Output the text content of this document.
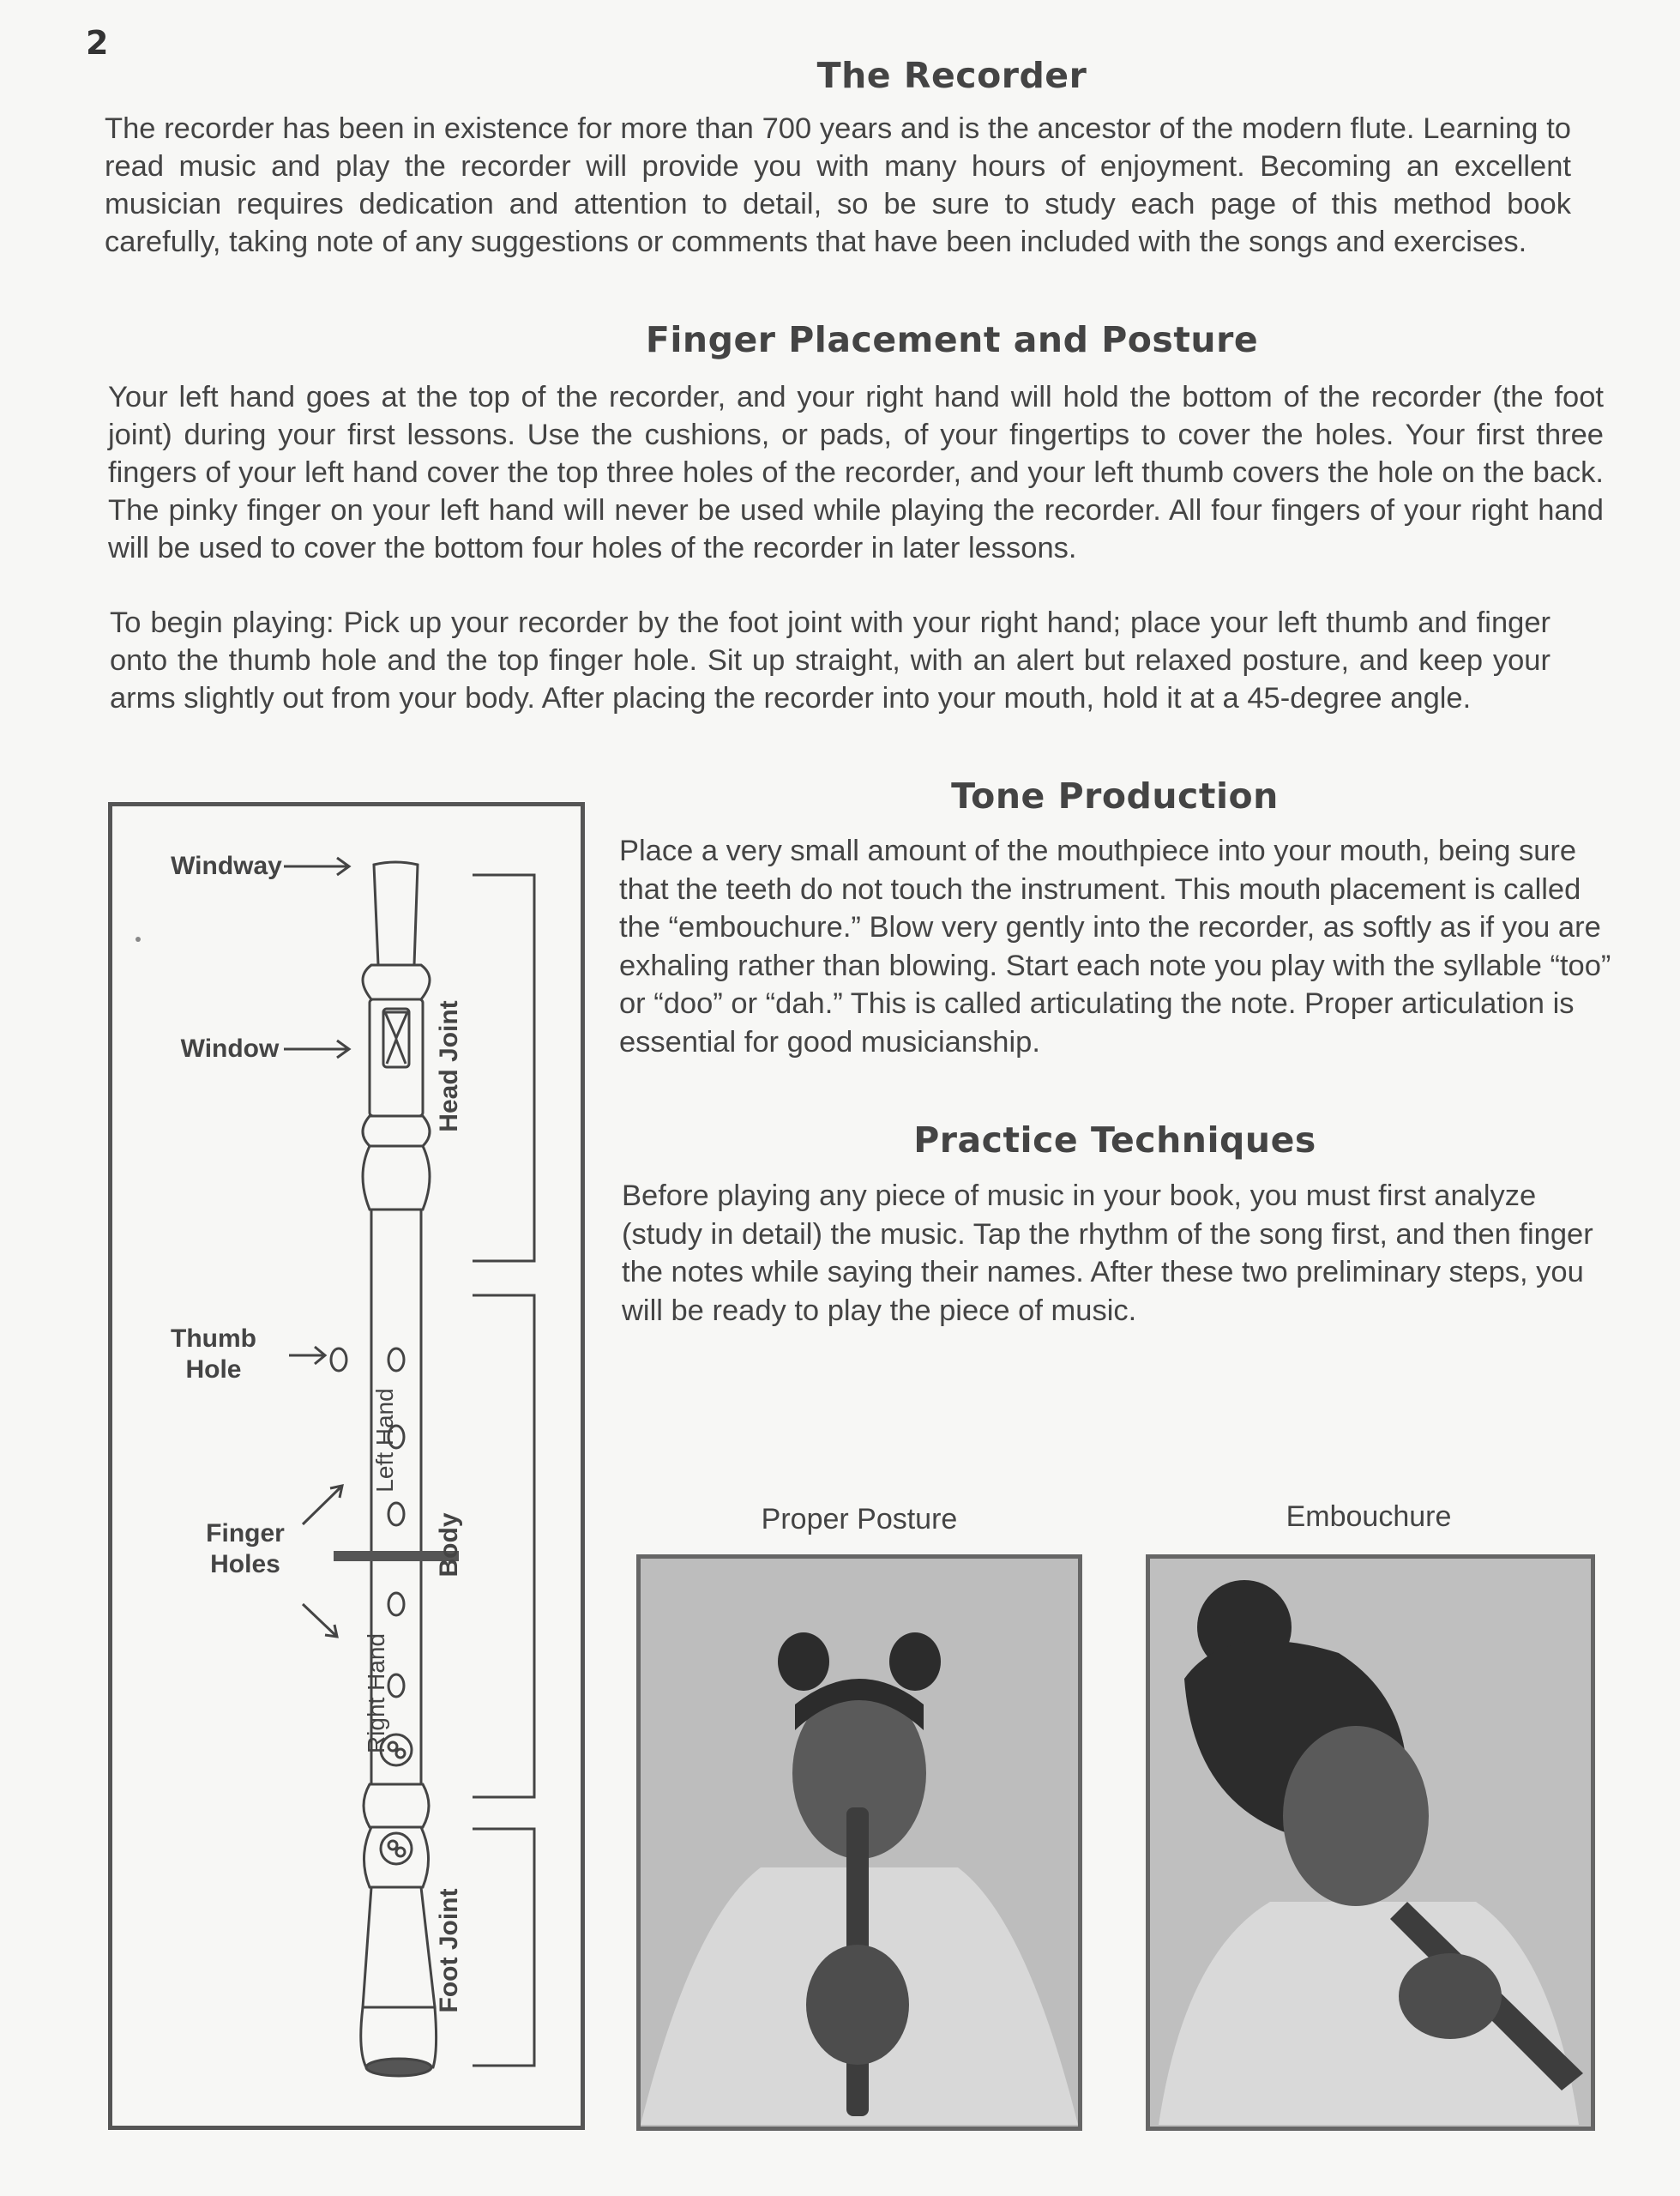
2
The Recorder

The recorder has been in existence for more than 700 years and is the ancestor of the modern flute. Learning to read music and play the recorder will provide you with many hours of enjoyment. Becoming an excellent musician requires dedication and attention to detail, so be sure to study each page of this method book carefully, taking note of any suggestions or comments that have been included with the songs and exercises.

Finger Placement and Posture

Your left hand goes at the top of the recorder, and your right hand will hold the bottom of the recorder (the foot joint) during your first lessons. Use the cushions, or pads, of your fingertips to cover the holes. Your first three fingers of your left hand cover the top three holes of the recorder, and your left thumb covers the hole on the back. The pinky finger on your left hand will never be used while playing the recorder. All four fingers of your right hand will be used to cover the bottom four holes of the recorder in later lessons.

To begin playing: Pick up your recorder by the foot joint with your right hand; place your left thumb and finger onto the thumb hole and the top finger hole. Sit up straight, with an alert but relaxed posture, and keep your arms slightly out from your body. After placing the recorder into your mouth, hold it at a 45-degree angle.

Tone Production

Place a very small amount of the mouthpiece into your mouth, being sure that the teeth do not touch the instrument. This mouth placement is called the “embouchure.” Blow very gently into the recorder, as softly as if you are exhaling rather than blowing. Start each note you play with the syllable “too” or “doo” or “dah.” This is called articulating the note. Proper articulation is essential for good musicianship.

Practice Techniques

Before playing any piece of music in your book, you must first analyze (study in detail) the music. Tap the rhythm of the song first, and then finger the notes while saying their names. After these two preliminary steps, you will be ready to play the piece of music.

Windway
Window
Thumb Hole
Finger Holes
Head Joint
Body
Left Hand
Right Hand
Foot Joint
Proper Posture	Embouchure
